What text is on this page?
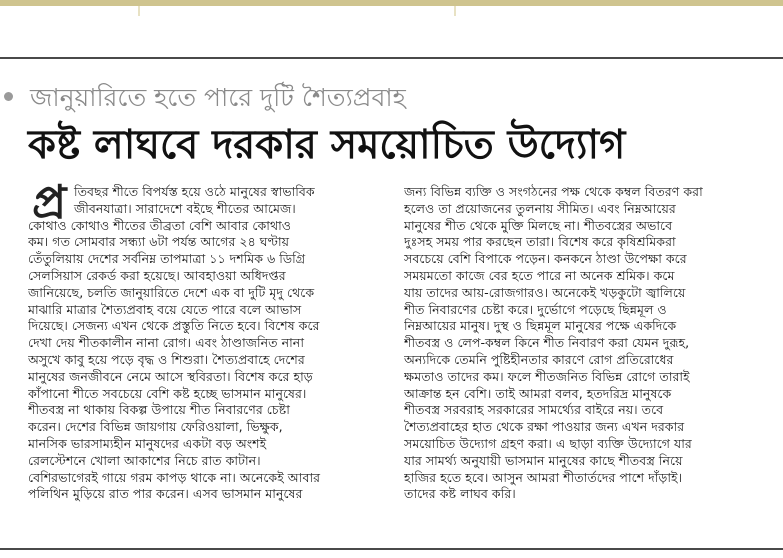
জানুয়ারিতে হতে পারে দুটি শৈত্যপ্রবাহ
কষ্ট লাঘবে দরকার সময়োচিত উদ্যোগ
প্র তিবছর শীতে বিপর্যস্ত হয়ে ওঠে মানুষের স্বাভাবিক
জীবনযাত্রা। সারাদেশে বইছে শীতের আমেজ।
কোথাও কোথাও শীতের তীব্রতা বেশি আবার কোথাও
কম। গত সোমবার সন্ধ্যা ৬টা পর্যন্ত আগের ২৪ ঘণ্টায়
তেঁতুলিয়ায় দেশের সর্বনিম্ন তাপমাত্রা ১১ দশমিক ৬ ডিগ্রি
সেলসিয়াস রেকর্ড করা হয়েছে। আবহাওয়া অধিদপ্তর
জানিয়েছে, চলতি জানুয়ারিতে দেশে এক বা দুটি মৃদু থেকে
মাঝারি মাত্রার শৈত্যপ্রবাহ বয়ে যেতে পারে বলে আভাস
দিয়েছে। সেজন্য এখন থেকে প্রস্তুতি নিতে হবে। বিশেষ করে
দেখা দেয় শীতকালীন নানা রোগ। এবং ঠাণ্ডাজনিত নানা
অসুখে কাবু হয়ে পড়ে বৃদ্ধ ও শিশুরা। শৈত্যপ্রবাহে দেশের
মানুষের জনজীবনে নেমে আসে স্থবিরতা। বিশেষ করে হাড়
কাঁপানো শীতে সবচেয়ে বেশি কষ্ট হচ্ছে ভাসমান মানুষের।
শীতবস্ত্র না থাকায় বিকল্প উপায়ে শীত নিবারণের চেষ্টা
করেন। দেশের বিভিন্ন জায়গায় ফেরিওয়ালা, ভিক্ষুক,
মানসিক ভারসাম্যহীন মানুষদের একটা বড় অংশই
রেলস্টেশনে খোলা আকাশের নিচে রাত কাটান।
বেশিরভাগেরই গায়ে গরম কাপড় থাকে না। অনেকেই আবার
পলিথিন মুড়িয়ে রাত পার করেন। এসব ভাসমান মানুষের
জন্য বিভিন্ন ব্যক্তি ও সংগঠনের পক্ষ থেকে কম্বল বিতরণ করা
হলেও তা প্রয়োজনের তুলনায় সীমিত। এবং নিম্নআয়ের
মানুষের শীত থেকে মুক্তি মিলছে না। শীতবস্ত্রের অভাবে
দুঃসহ সময় পার করছেন তারা। বিশেষ করে কৃষিশ্রমিকরা
সবচেয়ে বেশি বিপাকে পড়েন। কনকনে ঠাণ্ডা উপেক্ষা করে
সময়মতো কাজে বের হতে পারে না অনেক শ্রমিক। কমে
যায় তাদের আয়-রোজগারও। অনেকেই খড়কুটো জ্বালিয়ে
শীত নিবারণের চেষ্টা করে। দুর্ভোগে পড়েছে ছিন্নমূল ও
নিম্নআয়ের মানুষ। দুস্থ ও ছিন্নমূল মানুষের পক্ষে একদিকে
শীতবস্ত্র ও লেপ-কম্বল কিনে শীত নিবারণ করা যেমন দুরূহ,
অন্যদিকে তেমনি পুষ্টিহীনতার কারণে রোগ প্রতিরোধের
ক্ষমতাও তাদের কম। ফলে শীতজনিত বিভিন্ন রোগে তারাই
আক্রান্ত হন বেশি। তাই আমরা বলব, হতদরিদ্র মানুষকে
শীতবস্ত্র সরবরাহ সরকারের সামর্থ্যের বাইরে নয়। তবে
শৈত্যপ্রবাহের হাত থেকে রক্ষা পাওয়ার জন্য এখন দরকার
সময়োচিত উদ্যোগ গ্রহণ করা। এ ছাড়া ব্যক্তি উদ্যোগে যার
যার সামর্থ্য অনুযায়ী ভাসমান মানুষের কাছে শীতবস্ত্র নিয়ে
হাজির হতে হবে। আসুন আমরা শীতার্তদের পাশে দাঁড়াই।
তাদের কষ্ট লাঘব করি।
